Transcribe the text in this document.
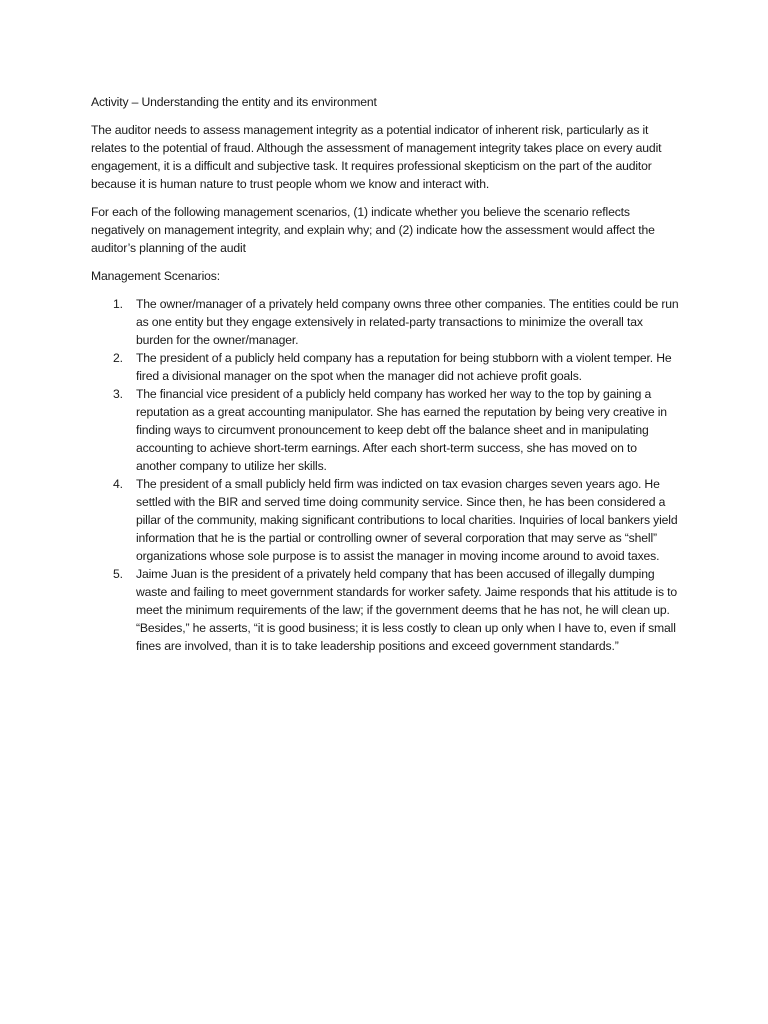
Activity – Understanding the entity and its environment

The auditor needs to assess management integrity as a potential indicator of inherent risk, particularly as it relates to the potential of fraud. Although the assessment of management integrity takes place on every audit engagement, it is a difficult and subjective task. It requires professional skepticism on the part of the auditor because it is human nature to trust people whom we know and interact with.

For each of the following management scenarios, (1) indicate whether you believe the scenario reflects negatively on management integrity, and explain why; and (2) indicate how the assessment would affect the auditor’s planning of the audit

Management Scenarios:
1. The owner/manager of a privately held company owns three other companies. The entities could be run as one entity but they engage extensively in related-party transactions to minimize the overall tax burden for the owner/manager.
2. The president of a publicly held company has a reputation for being stubborn with a violent temper. He fired a divisional manager on the spot when the manager did not achieve profit goals.
3. The financial vice president of a publicly held company has worked her way to the top by gaining a reputation as a great accounting manipulator. She has earned the reputation by being very creative in finding ways to circumvent pronouncement to keep debt off the balance sheet and in manipulating accounting to achieve short-term earnings. After each short-term success, she has moved on to another company to utilize her skills.
4. The president of a small publicly held firm was indicted on tax evasion charges seven years ago. He settled with the BIR and served time doing community service. Since then, he has been considered a pillar of the community, making significant contributions to local charities. Inquiries of local bankers yield information that he is the partial or controlling owner of several corporation that may serve as “shell” organizations whose sole purpose is to assist the manager in moving income around to avoid taxes.
5. Jaime Juan is the president of a privately held company that has been accused of illegally dumping waste and failing to meet government standards for worker safety. Jaime responds that his attitude is to meet the minimum requirements of the law; if the government deems that he has not, he will clean up. “Besides,” he asserts, “it is good business; it is less costly to clean up only when I have to, even if small fines are involved, than it is to take leadership positions and exceed government standards.”
